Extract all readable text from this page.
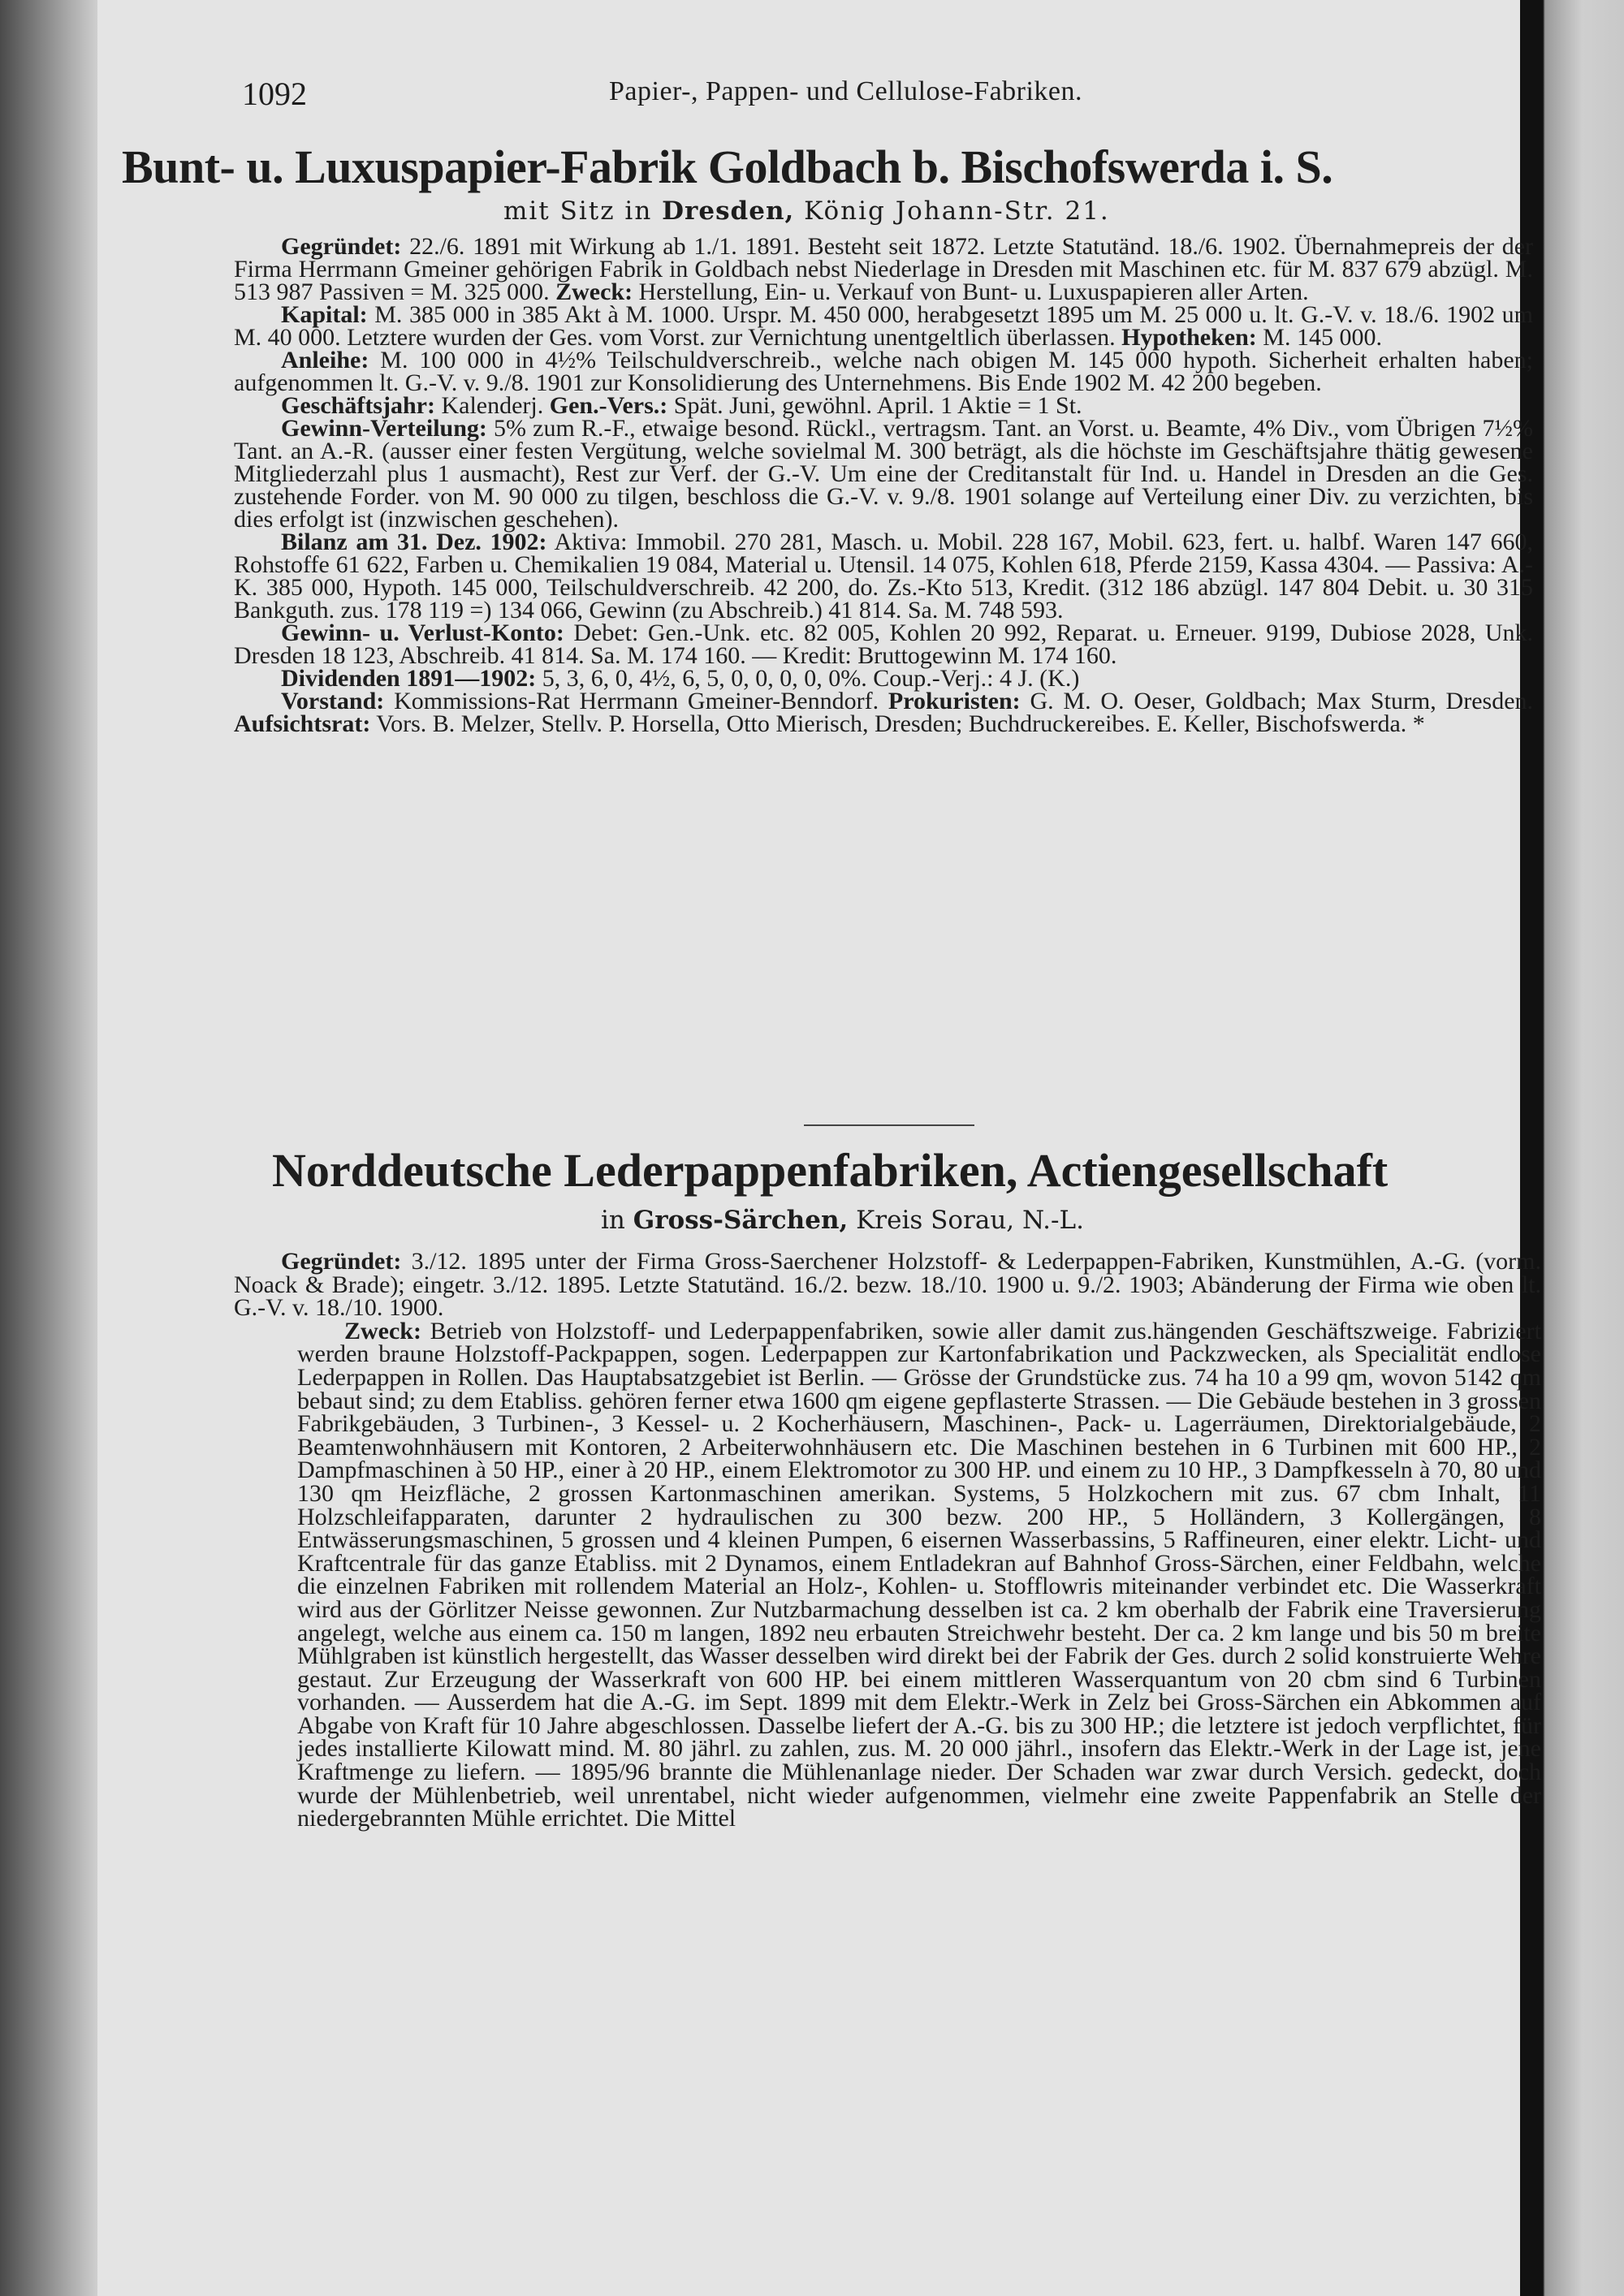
1092	Papier-, Pappen- und Cellulose-Fabriken.
Bunt- u. Luxuspapier-Fabrik Goldbach b. Bischofswerda i. S.
mit Sitz in Dresden, König Johann-Str. 21.

Gegründet: 22./6. 1891 mit Wirkung ab 1./1. 1891. Besteht seit 1872. Letzte Statutänd. 18./6. 1902. Übernahmepreis der der Firma Herrmann Gmeiner gehörigen Fabrik in Goldbach nebst Niederlage in Dresden mit Maschinen etc. für M. 837 679 abzügl. M. 513 987 Passiven = M. 325 000. Zweck: Herstellung, Ein- u. Verkauf von Bunt- u. Luxuspapieren aller Arten.

Kapital: M. 385 000 in 385 Akt à M. 1000. Urspr. M. 450 000, herabgesetzt 1895 um M. 25 000 u. lt. G.-V. v. 18./6. 1902 um M. 40 000. Letztere wurden der Ges. vom Vorst. zur Vernichtung unentgeltlich überlassen. Hypotheken: M. 145 000.

Anleihe: M. 100 000 in 4½% Teilschuldverschreib., welche nach obigen M. 145 000 hypoth. Sicherheit erhalten haben; aufgenommen lt. G.-V. v. 9./8. 1901 zur Konsolidierung des Unternehmens. Bis Ende 1902 M. 42 200 begeben.

Geschäftsjahr: Kalenderj. Gen.-Vers.: Spät. Juni, gewöhnl. April. 1 Aktie = 1 St.

Gewinn-Verteilung: 5% zum R.-F., etwaige besond. Rückl., vertragsm. Tant. an Vorst. u. Beamte, 4% Div., vom Übrigen 7½% Tant. an A.-R. (ausser einer festen Vergütung, welche sovielmal M. 300 beträgt, als die höchste im Geschäftsjahre thätig gewesene Mitgliederzahl plus 1 ausmacht), Rest zur Verf. der G.-V. Um eine der Creditanstalt für Ind. u. Handel in Dresden an die Ges. zustehende Forder. von M. 90 000 zu tilgen, beschloss die G.-V. v. 9./8. 1901 solange auf Verteilung einer Div. zu verzichten, bis dies erfolgt ist (inzwischen geschehen).

Bilanz am 31. Dez. 1902: Aktiva: Immobil. 270 281, Masch. u. Mobil. 228 167, Mobil. 623, fert. u. halbf. Waren 147 660, Rohstoffe 61 622, Farben u. Chemikalien 19 084, Material u. Utensil. 14 075, Kohlen 618, Pferde 2159, Kassa 4304. — Passiva: A.-K. 385 000, Hypoth. 145 000, Teilschuldverschreib. 42 200, do. Zs.-Kto 513, Kredit. (312 186 abzügl. 147 804 Debit. u. 30 315 Bankguth. zus. 178 119 =) 134 066, Gewinn (zu Abschreib.) 41 814. Sa. M. 748 593.

Gewinn- u. Verlust-Konto: Debet: Gen.-Unk. etc. 82 005, Kohlen 20 992, Reparat. u. Erneuer. 9199, Dubiose 2028, Unk. Dresden 18 123, Abschreib. 41 814. Sa. M. 174 160. — Kredit: Bruttogewinn M. 174 160.

Dividenden 1891—1902: 5, 3, 6, 0, 4½, 6, 5, 0, 0, 0, 0, 0%. Coup.-Verj.: 4 J. (K.)

Vorstand: Kommissions-Rat Herrmann Gmeiner-Benndorf. Prokuristen: G. M. O. Oeser, Goldbach; Max Sturm, Dresden. Aufsichtsrat: Vors. B. Melzer, Stellv. P. Horsella, Otto Mierisch, Dresden; Buchdruckereibes. E. Keller, Bischofswerda. *

Norddeutsche Lederpappenfabriken, Actiengesellschaft
in Gross-Särchen, Kreis Sorau, N.-L.

Gegründet: 3./12. 1895 unter der Firma Gross-Saerchener Holzstoff- & Lederpappen-Fabriken, Kunstmühlen, A.-G. (vorm. Noack & Brade); eingetr. 3./12. 1895. Letzte Statutänd. 16./2. bezw. 18./10. 1900 u. 9./2. 1903; Abänderung der Firma wie oben lt. G.-V. v. 18./10. 1900.

Zweck: Betrieb von Holzstoff- und Lederpappenfabriken, sowie aller damit zus.hängenden Geschäftszweige. Fabriziert werden braune Holzstoff-Packpappen, sogen. Lederpappen zur Kartonfabrikation und Packzwecken, als Specialität endlose Lederpappen in Rollen. Das Hauptabsatzgebiet ist Berlin. — Grösse der Grundstücke zus. 74 ha 10 a 99 qm, wovon 5142 qm bebaut sind; zu dem Etabliss. gehören ferner etwa 1600 qm eigene gepflasterte Strassen. — Die Gebäude bestehen in 3 grossen Fabrikgebäuden, 3 Turbinen-, 3 Kessel- u. 2 Kocherhäusern, Maschinen-, Pack- u. Lagerräumen, Direktorialgebäude, 2 Beamtenwohnhäusern mit Kontoren, 2 Arbeiterwohnhäusern etc. Die Maschinen bestehen in 6 Turbinen mit 600 HP., 2 Dampfmaschinen à 50 HP., einer à 20 HP., einem Elektromotor zu 300 HP. und einem zu 10 HP., 3 Dampfkesseln à 70, 80 und 130 qm Heizfläche, 2 grossen Kartonmaschinen amerikan. Systems, 5 Holzkochern mit zus. 67 cbm Inhalt, 11 Holzschleifapparaten, darunter 2 hydraulischen zu 300 bezw. 200 HP., 5 Holländern, 3 Kollergängen, 8 Entwässerungsmaschinen, 5 grossen und 4 kleinen Pumpen, 6 eisernen Wasserbassins, 5 Raffineuren, einer elektr. Licht- und Kraftcentrale für das ganze Etabliss. mit 2 Dynamos, einem Entladekran auf Bahnhof Gross-Särchen, einer Feldbahn, welche die einzelnen Fabriken mit rollendem Material an Holz-, Kohlen- u. Stofflowris miteinander verbindet etc. Die Wasserkraft wird aus der Görlitzer Neisse gewonnen. Zur Nutzbarmachung desselben ist ca. 2 km oberhalb der Fabrik eine Traversierung angelegt, welche aus einem ca. 150 m langen, 1892 neu erbauten Streichwehr besteht. Der ca. 2 km lange und bis 50 m breite Mühlgraben ist künstlich hergestellt, das Wasser desselben wird direkt bei der Fabrik der Ges. durch 2 solid konstruierte Wehre gestaut. Zur Erzeugung der Wasserkraft von 600 HP. bei einem mittleren Wasserquantum von 20 cbm sind 6 Turbinen vorhanden. — Ausserdem hat die A.-G. im Sept. 1899 mit dem Elektr.-Werk in Zelz bei Gross-Särchen ein Abkommen auf Abgabe von Kraft für 10 Jahre abgeschlossen. Dasselbe liefert der A.-G. bis zu 300 HP.; die letztere ist jedoch verpflichtet, für jedes installierte Kilowatt mind. M. 80 jährl. zu zahlen, zus. M. 20 000 jährl., insofern das Elektr.-Werk in der Lage ist, jene Kraftmenge zu liefern. — 1895/96 brannte die Mühlenanlage nieder. Der Schaden war zwar durch Versich. gedeckt, doch wurde der Mühlenbetrieb, weil unrentabel, nicht wieder aufgenommen, vielmehr eine zweite Pappenfabrik an Stelle der niedergebrannten Mühle errichtet. Die Mittel
